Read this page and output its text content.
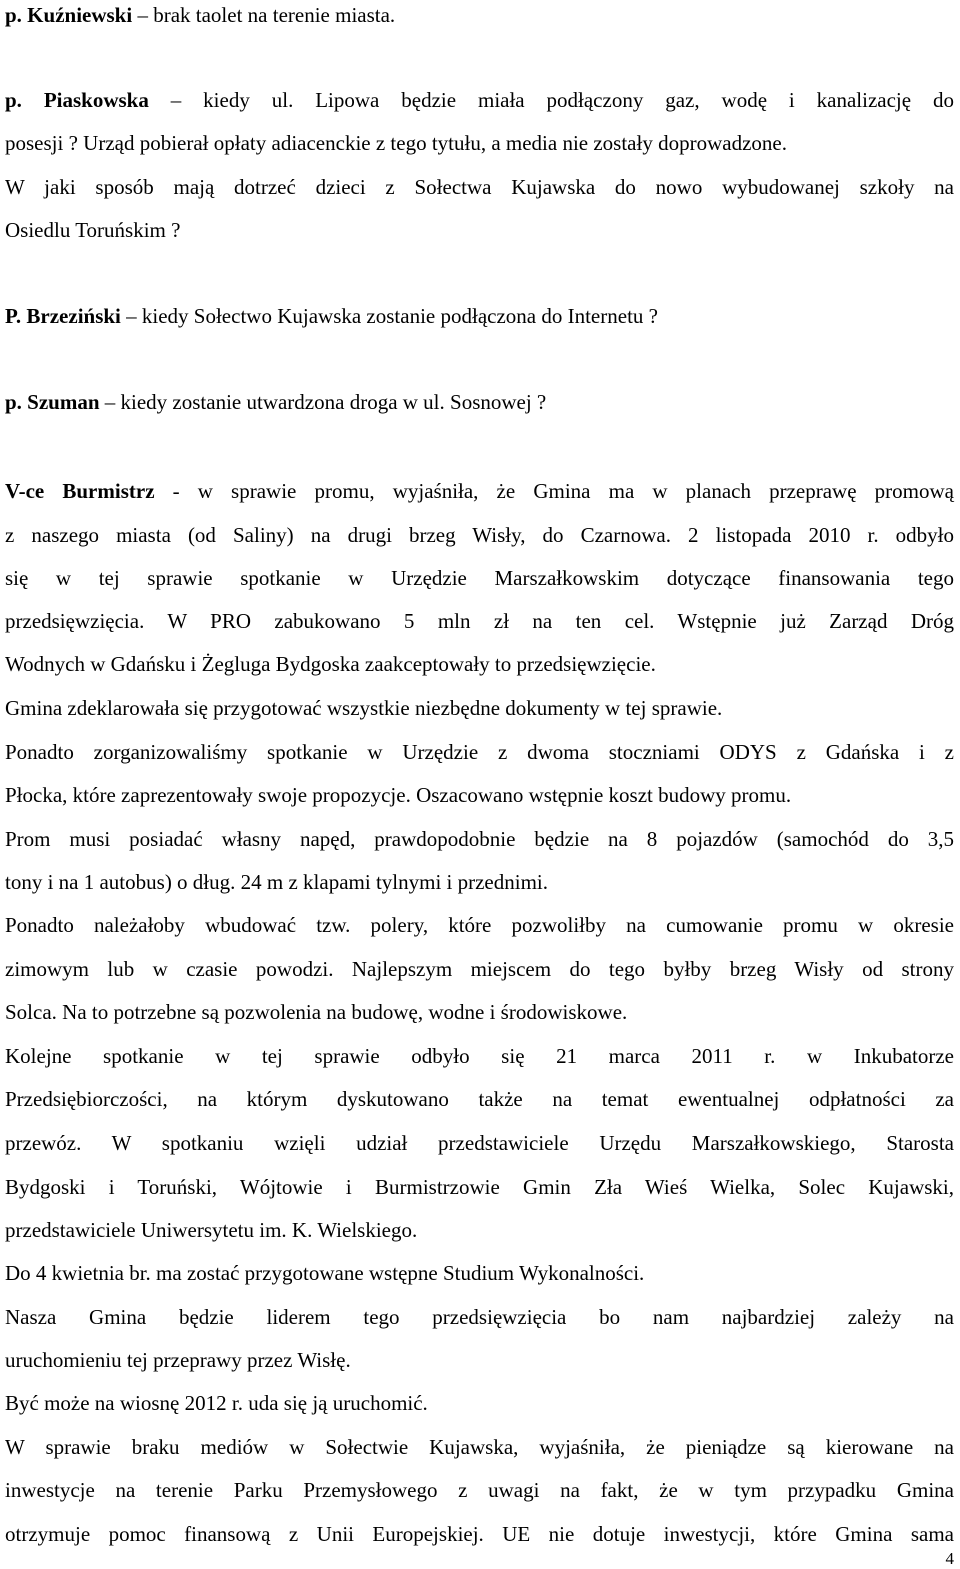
p. Kuźniewski – brak taolet na terenie miasta.
p. Piaskowska – kiedy ul. Lipowa będzie miała podłączony gaz, wodę i kanalizację do
posesji ? Urząd pobierał opłaty adiacenckie z tego tytułu, a media nie zostały doprowadzone.
W jaki sposób mają dotrzeć dzieci z Sołectwa Kujawska do nowo wybudowanej szkoły na
Osiedlu Toruńskim ?
P. Brzeziński – kiedy Sołectwo Kujawska zostanie podłączona do Internetu ?
p. Szuman – kiedy zostanie utwardzona droga w ul. Sosnowej ?
V-ce Burmistrz - w sprawie promu, wyjaśniła, że Gmina ma w planach przeprawę promową
z naszego miasta (od Saliny) na drugi brzeg Wisły, do Czarnowa. 2 listopada 2010 r. odbyło
się w tej sprawie spotkanie w Urzędzie Marszałkowskim dotyczące finansowania tego
przedsięwzięcia. W PRO zabukowano 5 mln zł na ten cel. Wstępnie już Zarząd Dróg
Wodnych w Gdańsku i Żegluga Bydgoska zaakceptowały to przedsięwzięcie.
Gmina zdeklarowała się przygotować wszystkie niezbędne dokumenty w tej sprawie.
Ponadto zorganizowaliśmy spotkanie w Urzędzie z dwoma stoczniami ODYS z Gdańska i z
Płocka, które zaprezentowały swoje propozycje. Oszacowano wstępnie koszt budowy promu.
Prom musi posiadać własny napęd, prawdopodobnie będzie na 8 pojazdów (samochód do 3,5
tony i na 1 autobus) o dług. 24 m z klapami tylnymi i przednimi.
Ponadto należałoby wbudować tzw. polery, które pozwoliłby na cumowanie promu w okresie
zimowym lub w czasie powodzi. Najlepszym miejscem do tego byłby brzeg Wisły od strony
Solca. Na to potrzebne są pozwolenia na budowę, wodne i środowiskowe.
Kolejne spotkanie w tej sprawie odbyło się 21 marca 2011 r. w Inkubatorze
Przedsiębiorczości, na którym dyskutowano także na temat ewentualnej odpłatności za
przewóz. W spotkaniu wzięli udział przedstawiciele Urzędu Marszałkowskiego, Starosta
Bydgoski i Toruński, Wójtowie i Burmistrzowie Gmin Zła Wieś Wielka, Solec Kujawski,
przedstawiciele Uniwersytetu im. K. Wielskiego.
Do 4 kwietnia br. ma zostać przygotowane wstępne Studium Wykonalności.
Nasza Gmina będzie liderem tego przedsięwzięcia bo nam najbardziej zależy na
uruchomieniu tej przeprawy przez Wisłę.
Być może na wiosnę 2012 r. uda się ją uruchomić.
W sprawie braku mediów w Sołectwie Kujawska, wyjaśniła, że pieniądze są kierowane na
inwestycje na terenie Parku Przemysłowego z uwagi na fakt, że w tym przypadku Gmina
otrzymuje pomoc finansową z Unii Europejskiej. UE nie dotuje inwestycji, które Gmina sama
4
